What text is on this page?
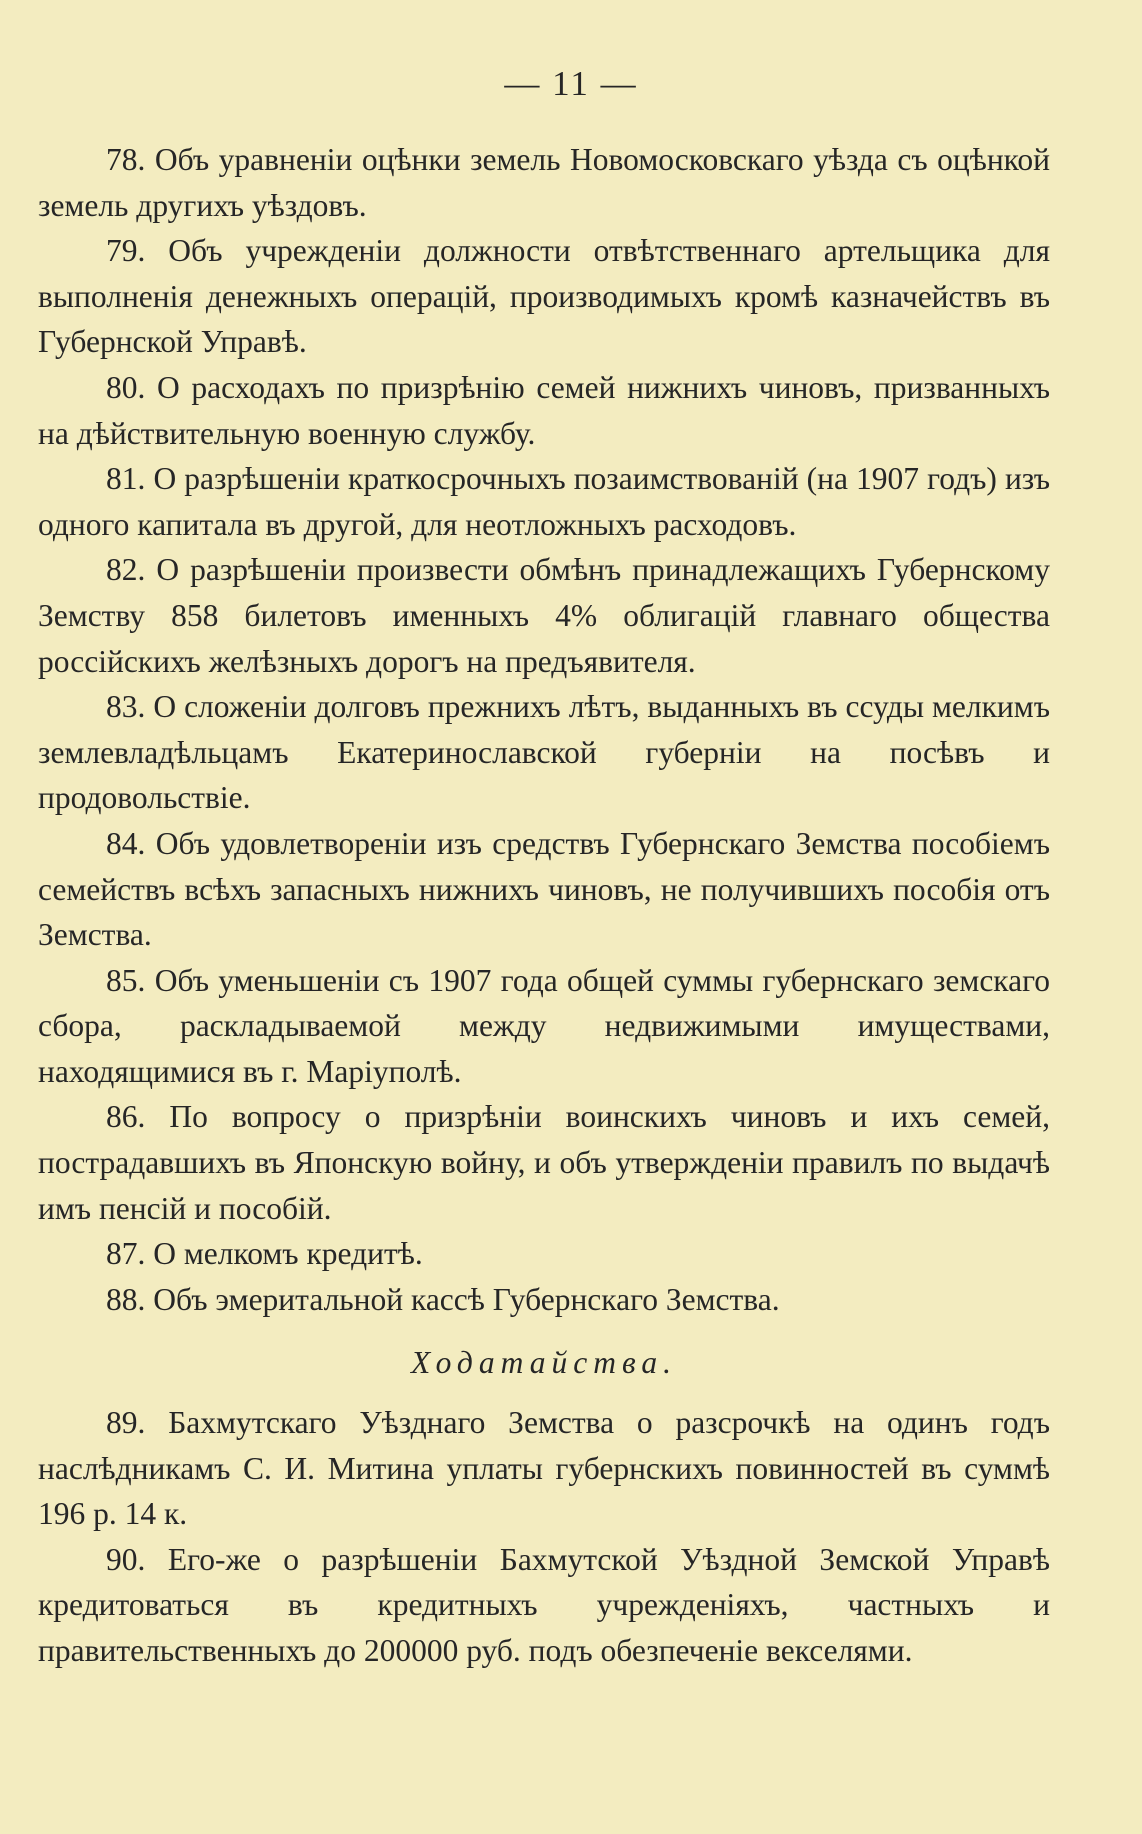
— 11 —

78. Объ уравненіи оцѣнки земель Новомосковскаго уѣзда съ оцѣнкой земель другихъ уѣздовъ.

79. Объ учрежденіи должности отвѣтственнаго артельщика для выполненія денежныхъ операцій, производимыхъ кромѣ казначействъ въ Губернской Управѣ.

80. О расходахъ по призрѣнію семей нижнихъ чиновъ, призванныхъ на дѣйствительную военную службу.

81. О разрѣшеніи краткосрочныхъ позаимствованій (на 1907 годъ) изъ одного капитала въ другой, для неотложныхъ расходовъ.

82. О разрѣшеніи произвести обмѣнъ принадлежащихъ Губернскому Земству 858 билетовъ именныхъ 4% облигацій главнаго общества россійскихъ желѣзныхъ дорогъ на предъявителя.

83. О сложеніи долговъ прежнихъ лѣтъ, выданныхъ въ ссуды мелкимъ землевладѣльцамъ Екатеринославской губерніи на посѣвъ и продовольствіе.

84. Объ удовлетвореніи изъ средствъ Губернскаго Земства пособіемъ семействъ всѣхъ запасныхъ нижнихъ чиновъ, не получившихъ пособія отъ Земства.

85. Объ уменьшеніи съ 1907 года общей суммы губернскаго земскаго сбора, раскладываемой между недвижимыми имуществами, находящимися въ г. Маріуполѣ.

86. По вопросу о призрѣніи воинскихъ чиновъ и ихъ семей, пострадавшихъ въ Японскую войну, и объ утвержденіи правилъ по выдачѣ имъ пенсій и пособій.

87. О мелкомъ кредитѣ.

88. Объ эмеритальной кассѣ Губернскаго Земства.

Ходатайства.

89. Бахмутскаго Уѣзднаго Земства о разсрочкѣ на одинъ годъ наслѣдникамъ С. И. Митина уплаты губернскихъ повинностей въ суммѣ 196 р. 14 к.

90. Его-же о разрѣшеніи Бахмутской Уѣздной Земской Управѣ кредитоваться въ кредитныхъ учрежденіяхъ, частныхъ и правительственныхъ до 200000 руб. подъ обезпеченіе векселями.
